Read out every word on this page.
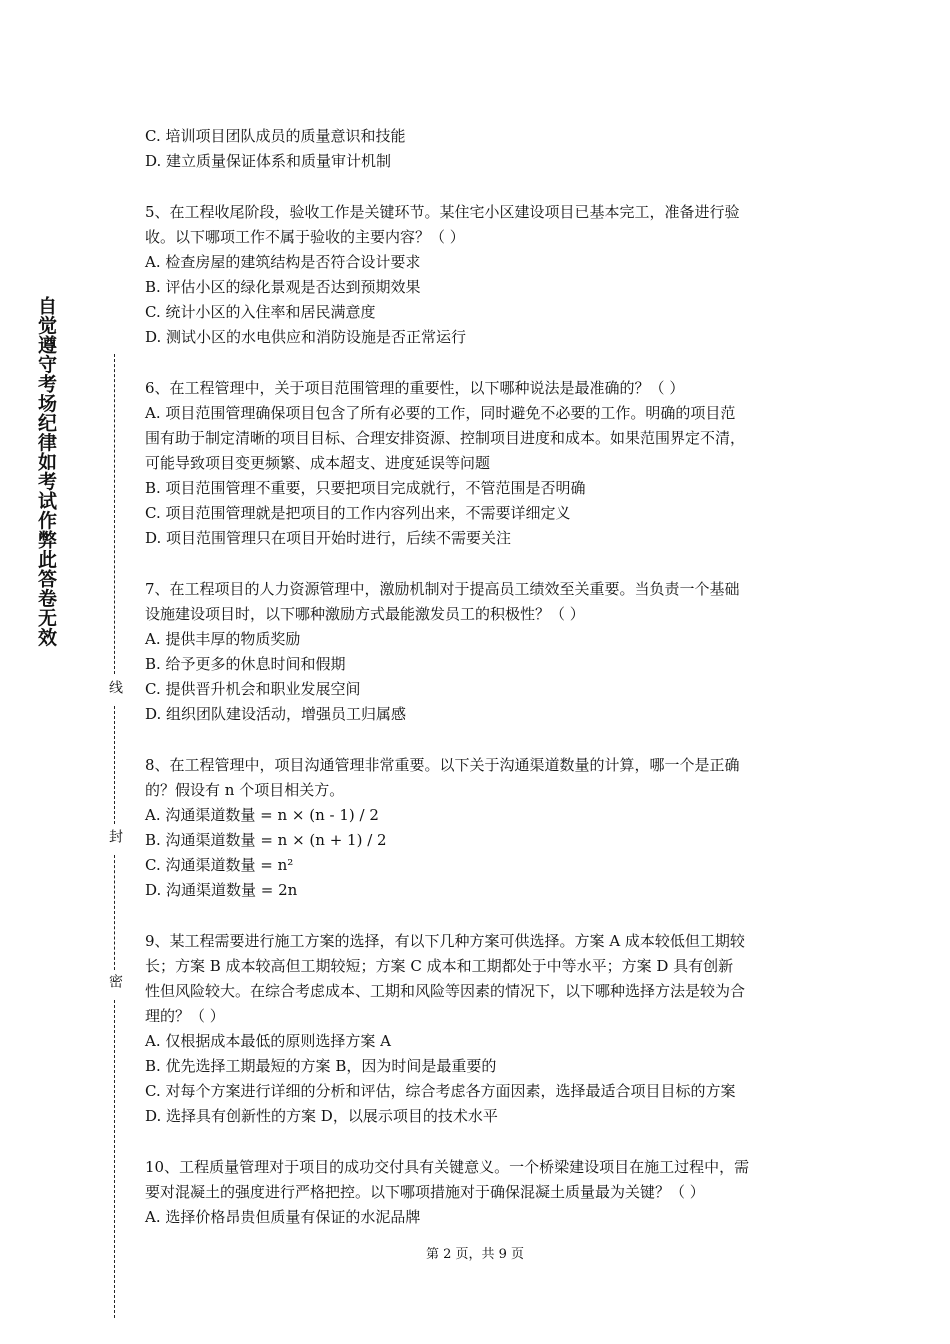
自觉遵守考场纪律如考试作弊此答卷无效
线
封
密
C. 培训项目团队成员的质量意识和技能
D. 建立质量保证体系和质量审计机制
5、在工程收尾阶段，验收工作是关键环节。某住宅小区建设项目已基本完工，准备进行验
收。以下哪项工作不属于验收的主要内容？（ ）
A. 检查房屋的建筑结构是否符合设计要求
B. 评估小区的绿化景观是否达到预期效果
C. 统计小区的入住率和居民满意度
D. 测试小区的水电供应和消防设施是否正常运行
6、在工程管理中，关于项目范围管理的重要性，以下哪种说法是最准确的？（ ）
A. 项目范围管理确保项目包含了所有必要的工作，同时避免不必要的工作。明确的项目范
围有助于制定清晰的项目目标、合理安排资源、控制项目进度和成本。如果范围界定不清，
可能导致项目变更频繁、成本超支、进度延误等问题
B. 项目范围管理不重要，只要把项目完成就行，不管范围是否明确
C. 项目范围管理就是把项目的工作内容列出来，不需要详细定义
D. 项目范围管理只在项目开始时进行，后续不需要关注
7、在工程项目的人力资源管理中，激励机制对于提高员工绩效至关重要。当负责一个基础
设施建设项目时，以下哪种激励方式最能激发员工的积极性？（ ）
A. 提供丰厚的物质奖励
B. 给予更多的休息时间和假期
C. 提供晋升机会和职业发展空间
D. 组织团队建设活动，增强员工归属感
8、在工程管理中，项目沟通管理非常重要。以下关于沟通渠道数量的计算，哪一个是正确
的？假设有 n 个项目相关方。
A. 沟通渠道数量 = n × (n - 1) / 2
B. 沟通渠道数量 = n × (n + 1) / 2
C. 沟通渠道数量 = n²
D. 沟通渠道数量 = 2n
9、某工程需要进行施工方案的选择，有以下几种方案可供选择。方案 A 成本较低但工期较
长；方案 B 成本较高但工期较短；方案 C 成本和工期都处于中等水平；方案 D 具有创新
性但风险较大。在综合考虑成本、工期和风险等因素的情况下，以下哪种选择方法是较为合
理的？（ ）
A. 仅根据成本最低的原则选择方案 A
B. 优先选择工期最短的方案 B，因为时间是最重要的
C. 对每个方案进行详细的分析和评估，综合考虑各方面因素，选择最适合项目目标的方案
D. 选择具有创新性的方案 D，以展示项目的技术水平
10、工程质量管理对于项目的成功交付具有关键意义。一个桥梁建设项目在施工过程中，需
要对混凝土的强度进行严格把控。以下哪项措施对于确保混凝土质量最为关键？（ ）
A. 选择价格昂贵但质量有保证的水泥品牌
第 2 页，共 9 页
